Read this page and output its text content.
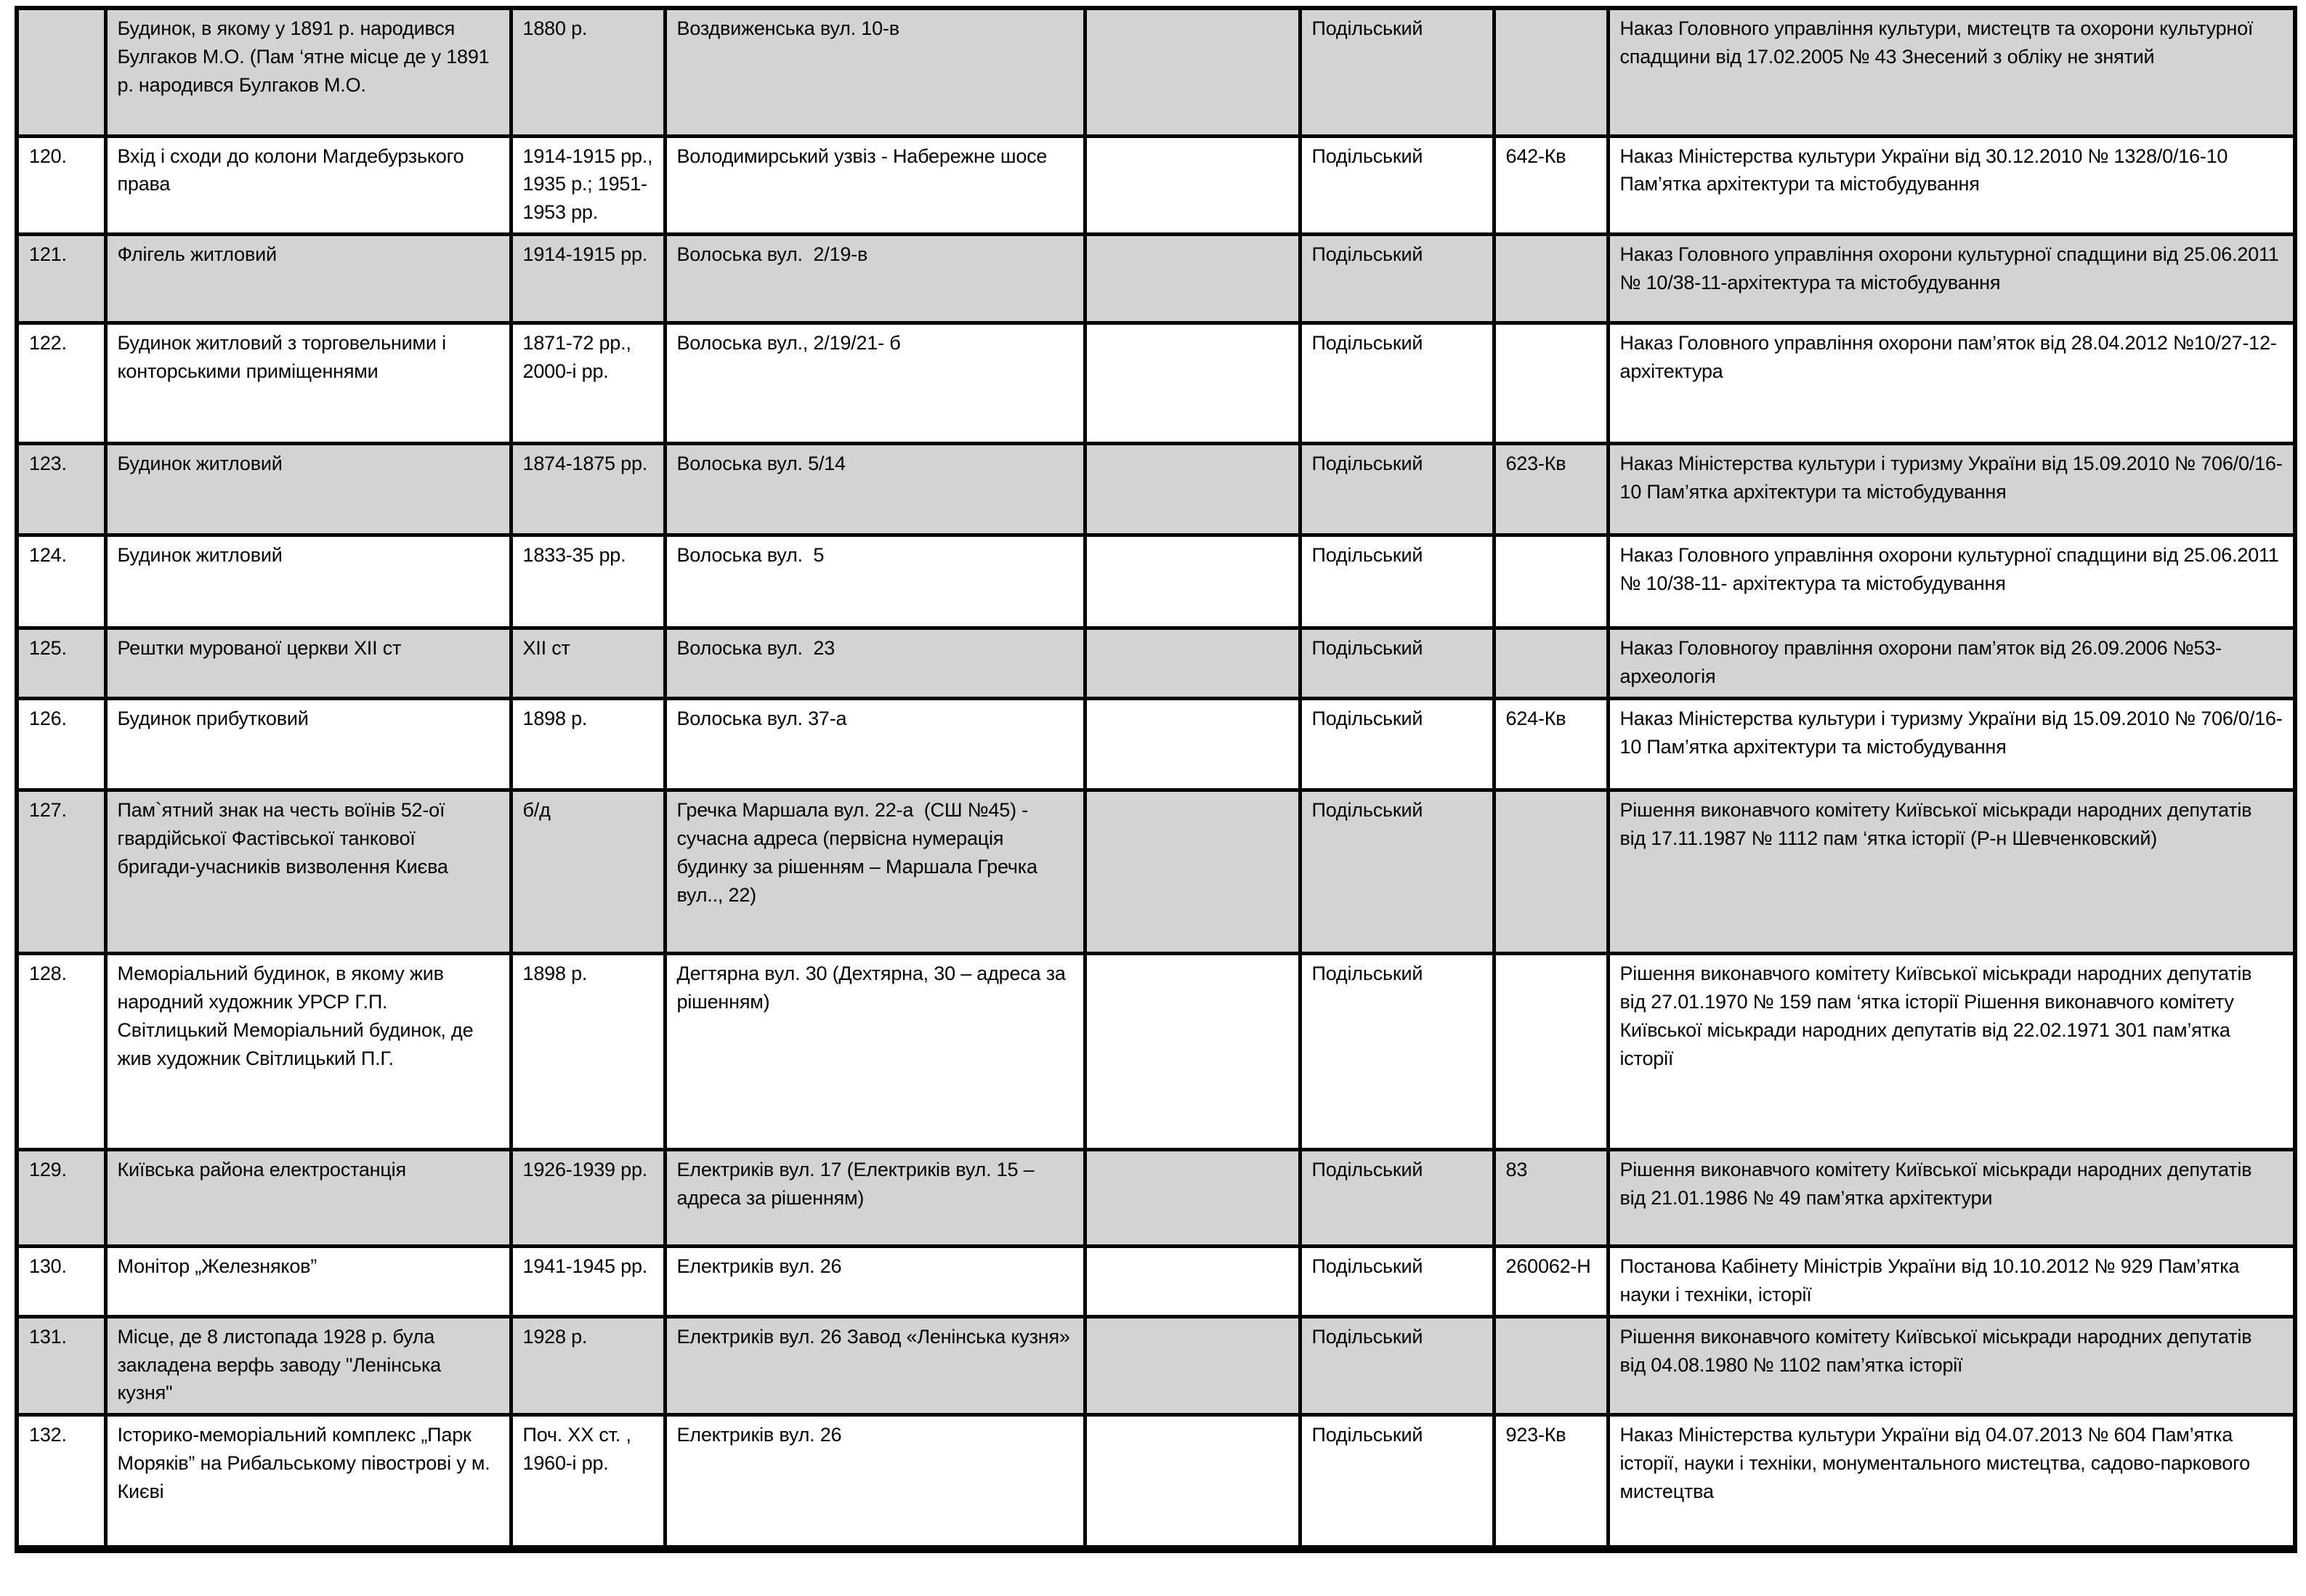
	Будинок, в якому у 1891 р. народився Булгаков М.О. (Пам ‘ятне місце де у 1891 р. народився Булгаков М.О.	1880 р.	Воздвиженська вул. 10-в		Подільський		Наказ Головного управління культури, мистецтв та охорони культурної спадщини від 17.02.2005 № 43 Знесений з обліку не знятий
120.	Вхід і сходи до колони Магдебурзького права	1914-1915 рр., 1935 р.; 1951-1953 рр.	Володимирський узвіз - Набережне шосе		Подільський	642-Кв	Наказ Міністерства культури України від 30.12.2010 № 1328/0/16-10 Пам’ятка архітектури та містобудування
121.	Флігель житловий	1914-1915 рр.	Волоська вул.  2/19-в		Подільський		Наказ Головного управління охорони культурної спадщини від 25.06.2011 № 10/38-11-архітектура та містобудування
122.	Будинок житловий з торговельними і конторськими приміщеннями	1871-72 рр., 2000-і рр.	Волоська вул., 2/19/21- б		Подільський		Наказ Головного управління охорони пам’яток від 28.04.2012 №10/27-12- архітектура
123.	Будинок житловий	1874-1875 рр.	Волоська вул. 5/14		Подільський	623-Кв	Наказ Міністерства культури і туризму України від 15.09.2010 № 706/0/16-10 Пам’ятка архітектури та містобудування
124.	Будинок житловий	1833-35 рр.	Волоська вул.  5		Подільський		Наказ Головного управління охорони культурної спадщини від 25.06.2011 № 10/38-11- архітектура та містобудування
125.	Рештки мурованої церкви XII ст	XII ст	Волоська вул.  23		Подільський		Наказ Головногоу правління охорони пам’яток від 26.09.2006 №53-археологія
126.	Будинок прибутковий	1898 р.	Волоська вул. 37-а		Подільський	624-Кв	Наказ Міністерства культури і туризму України від 15.09.2010 № 706/0/16-10 Пам’ятка архітектури та містобудування
127.	Пам`ятний знак на честь воїнів 52-ої гвардійської Фастівської танкової бригади-учасників визволення Києва	б/д	Гречка Маршала вул. 22-а  (СШ №45) - сучасна адреса (первісна нумерація будинку за рішенням – Маршала Гречка вул.., 22)		Подільський		Рішення виконавчого комітету Київської міськради народних депутатів від 17.11.1987 № 1112 пам ‘ятка історії (Р-н Шевченковский)
128.	Меморіальний будинок, в якому жив народний художник УРСР Г.П. Світлицький Меморіальний будинок, де жив художник Світлицький П.Г.	1898 р.	Дегтярна вул. 30 (Дехтярна, 30 – адреса за рішенням)		Подільський		Рішення виконавчого комітету Київської міськради народних депутатів від 27.01.1970 № 159 пам ‘ятка історії Рішення виконавчого комітету Київської міськради народних депутатів від 22.02.1971 301 пам’ятка історії
129.	Київська района електростанція	1926-1939 рр.	Електриків вул. 17 (Електриків вул. 15 – адреса за рішенням)		Подільський	83	Рішення виконавчого комітету Київської міськради народних депутатів від 21.01.1986 № 49 пам’ятка архітектури
130.	Монітор „Железняков”	1941-1945 рр.	Електриків вул. 26		Подільський	260062-Н	Постанова Кабінету Міністрів України від 10.10.2012 № 929 Пам’ятка науки і техніки, історії
131.	Місце, де 8 листопада 1928 р. була закладена верфь заводу "Ленінська кузня"	1928 р.	Електриків вул. 26 Завод «Ленінська кузня»		Подільський		Рішення виконавчого комітету Київської міськради народних депутатів від 04.08.1980 № 1102 пам’ятка історії
132.	Історико-меморіальний комплекс „Парк Моряків” на Рибальському півострові у м. Києві	Поч. ХХ ст. , 1960-і рр.	Електриків вул. 26		Подільський	923-Кв	Наказ Міністерства культури України від 04.07.2013 № 604 Пам’ятка історії, науки і техніки, монументального мистецтва, садово-паркового мистецтва
